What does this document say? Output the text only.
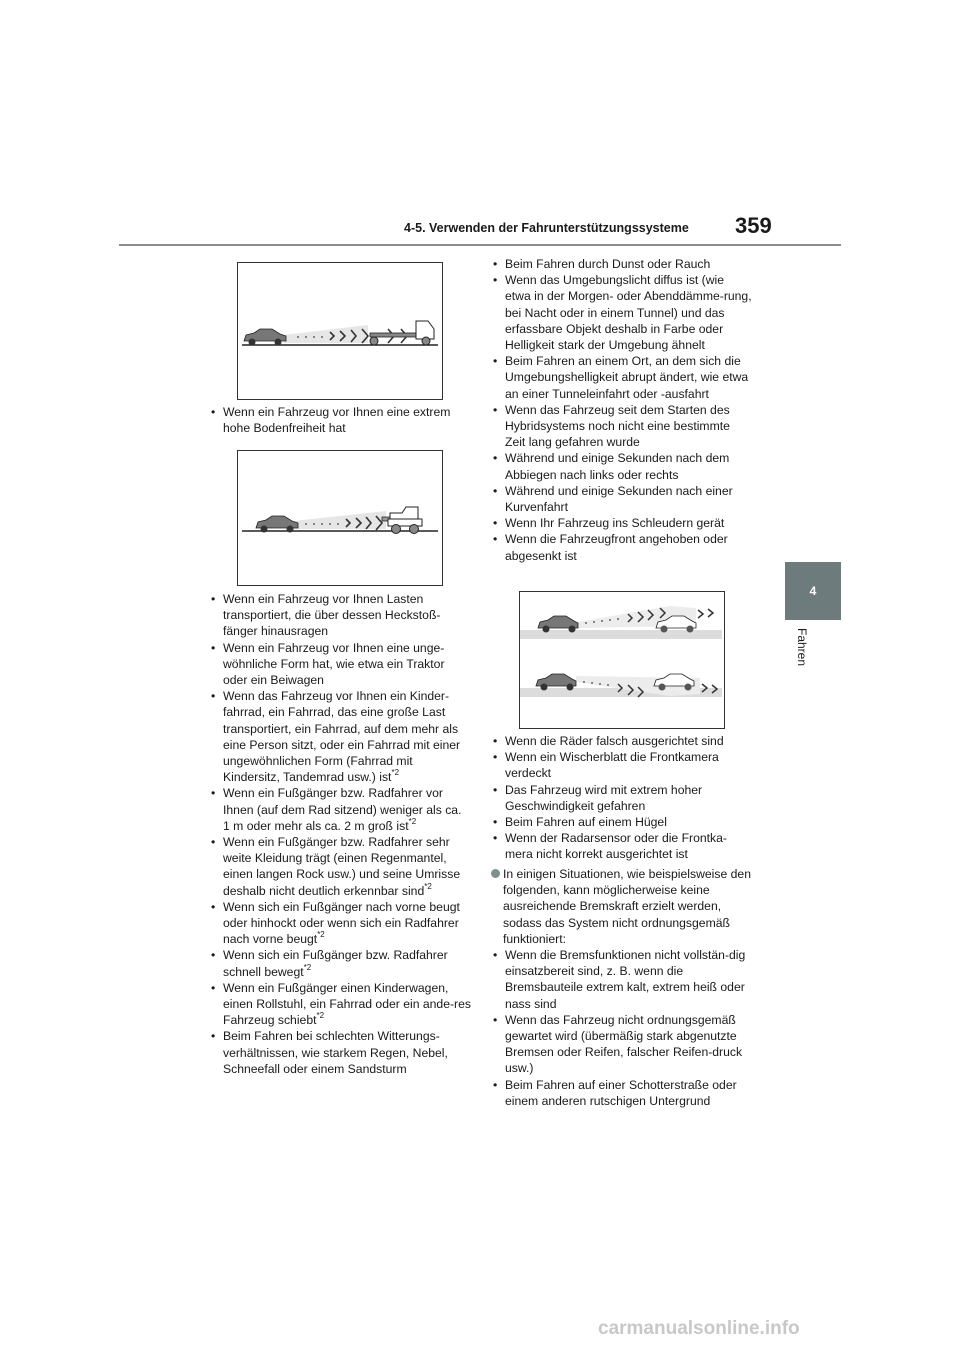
4-5. Verwenden der Fahrunterstützungssysteme 359
4
Fahren
• Wenn ein Fahrzeug vor Ihnen eine extrem hohe Bodenfreiheit hat
• Wenn ein Fahrzeug vor Ihnen Lasten transportiert, die über dessen Heckstoß-fänger hinausragen
• Wenn ein Fahrzeug vor Ihnen eine unge-wöhnliche Form hat, wie etwa ein Traktor oder ein Beiwagen
• Wenn das Fahrzeug vor Ihnen ein Kinder-fahrrad, ein Fahrrad, das eine große Last transportiert, ein Fahrrad, auf dem mehr als eine Person sitzt, oder ein Fahrrad mit einer ungewöhnlichen Form (Fahrrad mit Kindersitz, Tandemrad usw.) ist$^{*2}$
• Wenn ein Fußgänger bzw. Radfahrer vor Ihnen (auf dem Rad sitzend) weniger als ca. 1 m oder mehr als ca. 2 m groß ist$^{*2}$
• Wenn ein Fußgänger bzw. Radfahrer sehr weite Kleidung trägt (einen Regenmantel, einen langen Rock usw.) und seine Umrisse deshalb nicht deutlich erkennbar sind$^{*2}$
• Wenn sich ein Fußgänger nach vorne beugt oder hinhockt oder wenn sich ein Radfahrer nach vorne beugt$^{*2}$
• Wenn sich ein Fußgänger bzw. Radfahrer schnell bewegt$^{*2}$
• Wenn ein Fußgänger einen Kinderwagen, einen Rollstuhl, ein Fahrrad oder ein ande-res Fahrzeug schiebt$^{*2}$
• Beim Fahren bei schlechten Witterungs-verhältnissen, wie starkem Regen, Nebel, Schneefall oder einem Sandsturm
• Beim Fahren durch Dunst oder Rauch
• Wenn das Umgebungslicht diffus ist (wie etwa in der Morgen- oder Abenddämme-rung, bei Nacht oder in einem Tunnel) und das erfassbare Objekt deshalb in Farbe oder Helligkeit stark der Umgebung ähnelt
• Beim Fahren an einem Ort, an dem sich die Umgebungshelligkeit abrupt ändert, wie etwa an einer Tunneleinfahrt oder -ausfahrt
• Wenn das Fahrzeug seit dem Starten des Hybridsystems noch nicht eine bestimmte Zeit lang gefahren wurde
• Während und einige Sekunden nach dem Abbiegen nach links oder rechts
• Während und einige Sekunden nach einer Kurvenfahrt
• Wenn Ihr Fahrzeug ins Schleudern gerät
• Wenn die Fahrzeugfront angehoben oder abgesenkt ist
• Wenn die Räder falsch ausgerichtet sind
• Wenn ein Wischerblatt die Frontkamera verdeckt
• Das Fahrzeug wird mit extrem hoher Geschwindigkeit gefahren
• Beim Fahren auf einem Hügel
• Wenn der Radarsensor oder die Frontka-mera nicht korrekt ausgerichtet ist
In einigen Situationen, wie beispielsweise den folgenden, kann möglicherweise keine ausreichende Bremskraft erzielt werden, sodass das System nicht ordnungsgemäß funktioniert:
• Wenn die Bremsfunktionen nicht vollstän-dig einsatzbereit sind, z. B. wenn die Bremsbauteile extrem kalt, extrem heiß oder nass sind
• Wenn das Fahrzeug nicht ordnungsgemäß gewartet wird (übermäßig stark abgenutzte Bremsen oder Reifen, falscher Reifen-druck usw.)
• Beim Fahren auf einer Schotterstraße oder einem anderen rutschigen Untergrund
carmanualsonline.info
